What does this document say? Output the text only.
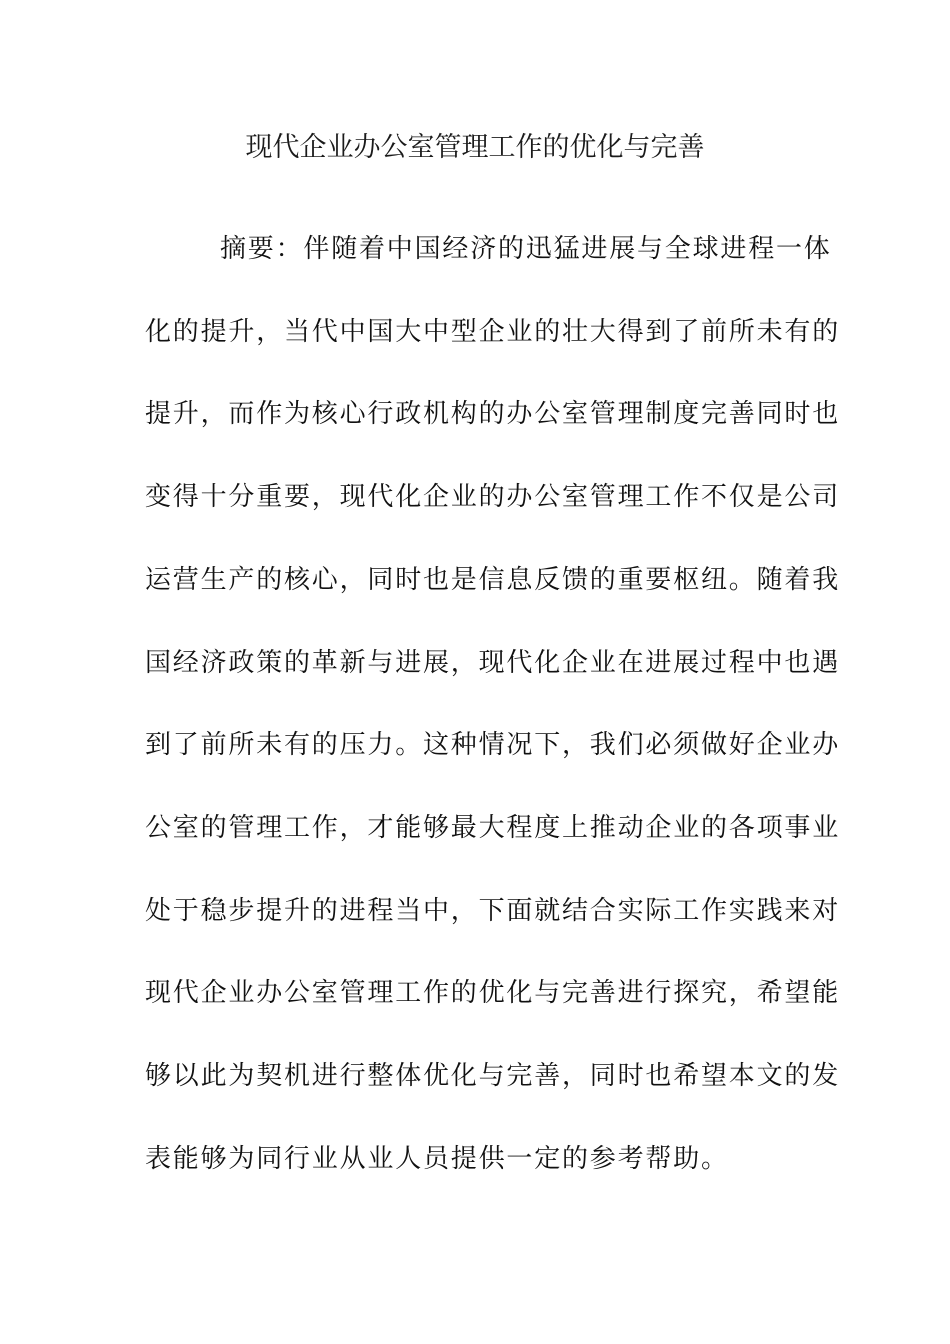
现代企业办公室管理工作的优化与完善
摘要：伴随着中国经济的迅猛进展与全球进程一体
化的提升，当代中国大中型企业的壮大得到了前所未有的
提升，而作为核心行政机构的办公室管理制度完善同时也
变得十分重要，现代化企业的办公室管理工作不仅是公司
运营生产的核心，同时也是信息反馈的重要枢纽。随着我
国经济政策的革新与进展，现代化企业在进展过程中也遇
到了前所未有的压力。这种情况下，我们必须做好企业办
公室的管理工作，才能够最大程度上推动企业的各项事业
处于稳步提升的进程当中，下面就结合实际工作实践来对
现代企业办公室管理工作的优化与完善进行探究，希望能
够以此为契机进行整体优化与完善，同时也希望本文的发
表能够为同行业从业人员提供一定的参考帮助。
